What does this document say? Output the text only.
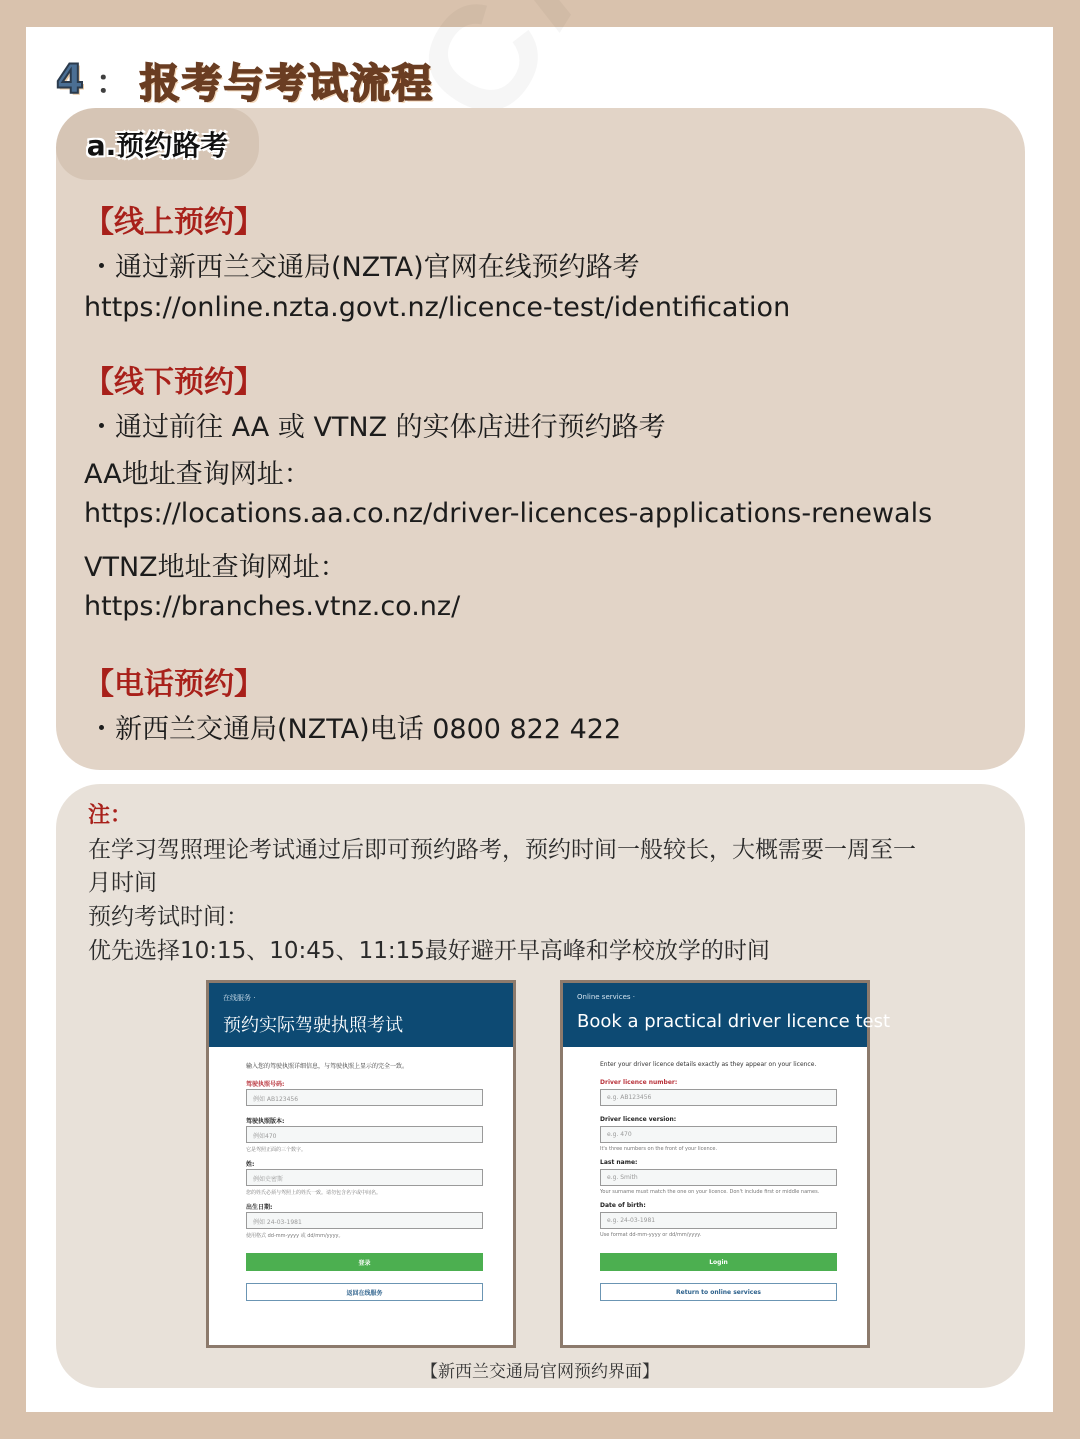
4 ： 报考与考试流程
a.预约路考
【线上预约】
・通过新西兰交通局(NZTA)官网在线预约路考
https://online.nzta.govt.nz/licence-test/identification
【线下预约】
・通过前往 AA 或 VTNZ 的实体店进行预约路考
AA地址查询网址：
https://locations.aa.co.nz/driver-licences-applications-renewals
VTNZ地址查询网址：
https://branches.vtnz.co.nz/
【电话预约】
・新西兰交通局(NZTA)电话 0800 822 422
注：
在学习驾照理论考试通过后即可预约路考，预约时间一般较长，大概需要一周至一
月时间
预约考试时间：
优先选择10:15、10:45、11:15最好避开早高峰和学校放学的时间
在线服务 ·
预约实际驾驶执照考试
输入您的驾驶执照详细信息，与驾驶执照上显示的完全一致。
驾驶执照号码:
例如 AB123456
驾驶执照版本:
例如470
它是驾照正面的三个数字。
姓:
例如史密斯
您的姓氏必须与驾照上的姓氏一致。请勿包含名字或中间名。
出生日期:
例如 24-03-1981
使用格式 dd-mm-yyyy 或 dd/mm/yyyy。
登录
返回在线服务
Online services ·
Book a practical driver licence test
Enter your driver licence details exactly as they appear on your licence.
Driver licence number:
e.g. AB123456
Driver licence version:
e.g. 470
It's three numbers on the front of your licence.
Last name:
e.g. Smith
Your surname must match the one on your licence. Don't include first or middle names.
Date of birth:
e.g. 24-03-1981
Use format dd-mm-yyyy or dd/mm/yyyy.
Login
Return to online services
【新西兰交通局官网预约界面】
